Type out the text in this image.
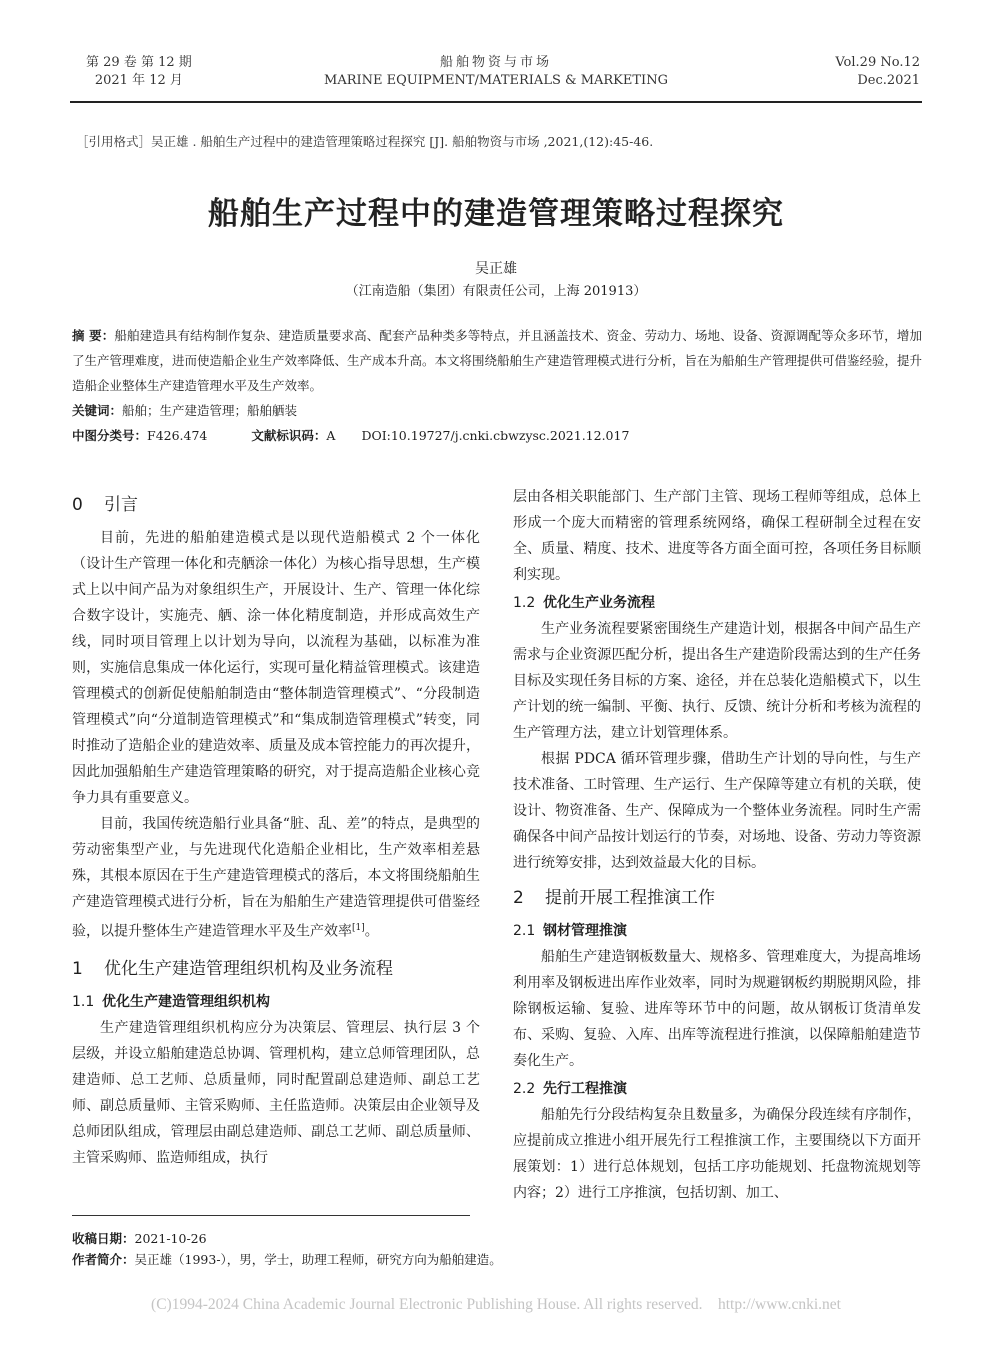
第 29 卷 第 12 期
2021 年 12 月
船舶物资与市场
MARINE EQUIPMENT/MATERIALS & MARKETING
Vol.29 No.12
Dec.2021
［引用格式］吴正雄 . 船舶生产过程中的建造管理策略过程探究 [J]. 船舶物资与市场 ,2021,(12):45-46.
船舶生产过程中的建造管理策略过程探究
吴正雄
（江南造船（集团）有限责任公司，上海 201913）
摘 要：船舶建造具有结构制作复杂、建造质量要求高、配套产品种类多等特点，并且涵盖技术、资金、劳动力、场地、设备、资源调配等众多环节，增加了生产管理难度，进而使造船企业生产效率降低、生产成本升高。本文将围绕船舶生产建造管理模式进行分析，旨在为船舶生产管理提供可借鉴经验，提升造船企业整体生产建造管理水平及生产效率。
关键词：船舶；生产建造管理；船舶舾装
中图分类号：F426.474	文献标识码：A DOI:10.19727/j.cnki.cbwzysc.2021.12.017
0 引言

目前，先进的船舶建造模式是以现代造船模式 2 个一体化（设计生产管理一体化和壳舾涂一体化）为核心指导思想，生产模式上以中间产品为对象组织生产，开展设计、生产、管理一体化综合数字设计，实施壳、舾、涂一体化精度制造，并形成高效生产线，同时项目管理上以计划为导向，以流程为基础，以标准为准则，实施信息集成一体化运行，实现可量化精益管理模式。该建造管理模式的创新促使船舶制造由“整体制造管理模式”、“分段制造管理模式”向“分道制造管理模式”和“集成制造管理模式”转变，同时推动了造船企业的建造效率、质量及成本管控能力的再次提升，因此加强船舶生产建造管理策略的研究，对于提高造船企业核心竞争力具有重要意义。

目前，我国传统造船行业具备“脏、乱、差”的特点，是典型的劳动密集型产业，与先进现代化造船企业相比，生产效率相差悬殊，其根本原因在于生产建造管理模式的落后，本文将围绕船舶生产建造管理模式进行分析，旨在为船舶生产建造管理提供可借鉴经验，以提升整体生产建造管理水平及生产效率[1]。

1 优化生产建造管理组织机构及业务流程
1.1 优化生产建造管理组织机构

生产建造管理组织机构应分为决策层、管理层、执行层 3 个层级，并设立船舶建造总协调、管理机构，建立总师管理团队，总建造师、总工艺师、总质量师，同时配置副总建造师、副总工艺师、副总质量师、主管采购师、主任监造师。决策层由企业领导及总师团队组成，管理层由副总建造师、副总工艺师、副总质量师、主管采购师、监造师组成，执行

层由各相关职能部门、生产部门主管、现场工程师等组成，总体上形成一个庞大而精密的管理系统网络，确保工程研制全过程在安全、质量、精度、技术、进度等各方面全面可控，各项任务目标顺利实现。

1.2 优化生产业务流程

生产业务流程要紧密围绕生产建造计划，根据各中间产品生产需求与企业资源匹配分析，提出各生产建造阶段需达到的生产任务目标及实现任务目标的方案、途径，并在总装化造船模式下，以生产计划的统一编制、平衡、执行、反馈、统计分析和考核为流程的生产管理方法，建立计划管理体系。

根据 PDCA 循环管理步骤，借助生产计划的导向性，与生产技术准备、工时管理、生产运行、生产保障等建立有机的关联，使设计、物资准备、生产、保障成为一个整体业务流程。同时生产需确保各中间产品按计划运行的节奏，对场地、设备、劳动力等资源进行统筹安排，达到效益最大化的目标。

2 提前开展工程推演工作
2.1 钢材管理推演

船舶生产建造钢板数量大、规格多、管理难度大，为提高堆场利用率及钢板进出库作业效率，同时为规避钢板约期脱期风险，排除钢板运输、复验、进库等环节中的问题，故从钢板订货清单发布、采购、复验、入库、出库等流程进行推演，以保障船舶建造节奏化生产。

2.2 先行工程推演

船舶先行分段结构复杂且数量多，为确保分段连续有序制作，应提前成立推进小组开展先行工程推演工作，主要围绕以下方面开展策划：1）进行总体规划，包括工序功能规划、托盘物流规划等内容；2）进行工序推演，包括切割、加工、

收稿日期：2021-10-26
作者简介：吴正雄（1993-），男，学士，助理工程师，研究方向为船舶建造。
(C)1994-2024 China Academic Journal Electronic Publishing House. All rights reserved.    http://www.cnki.net
